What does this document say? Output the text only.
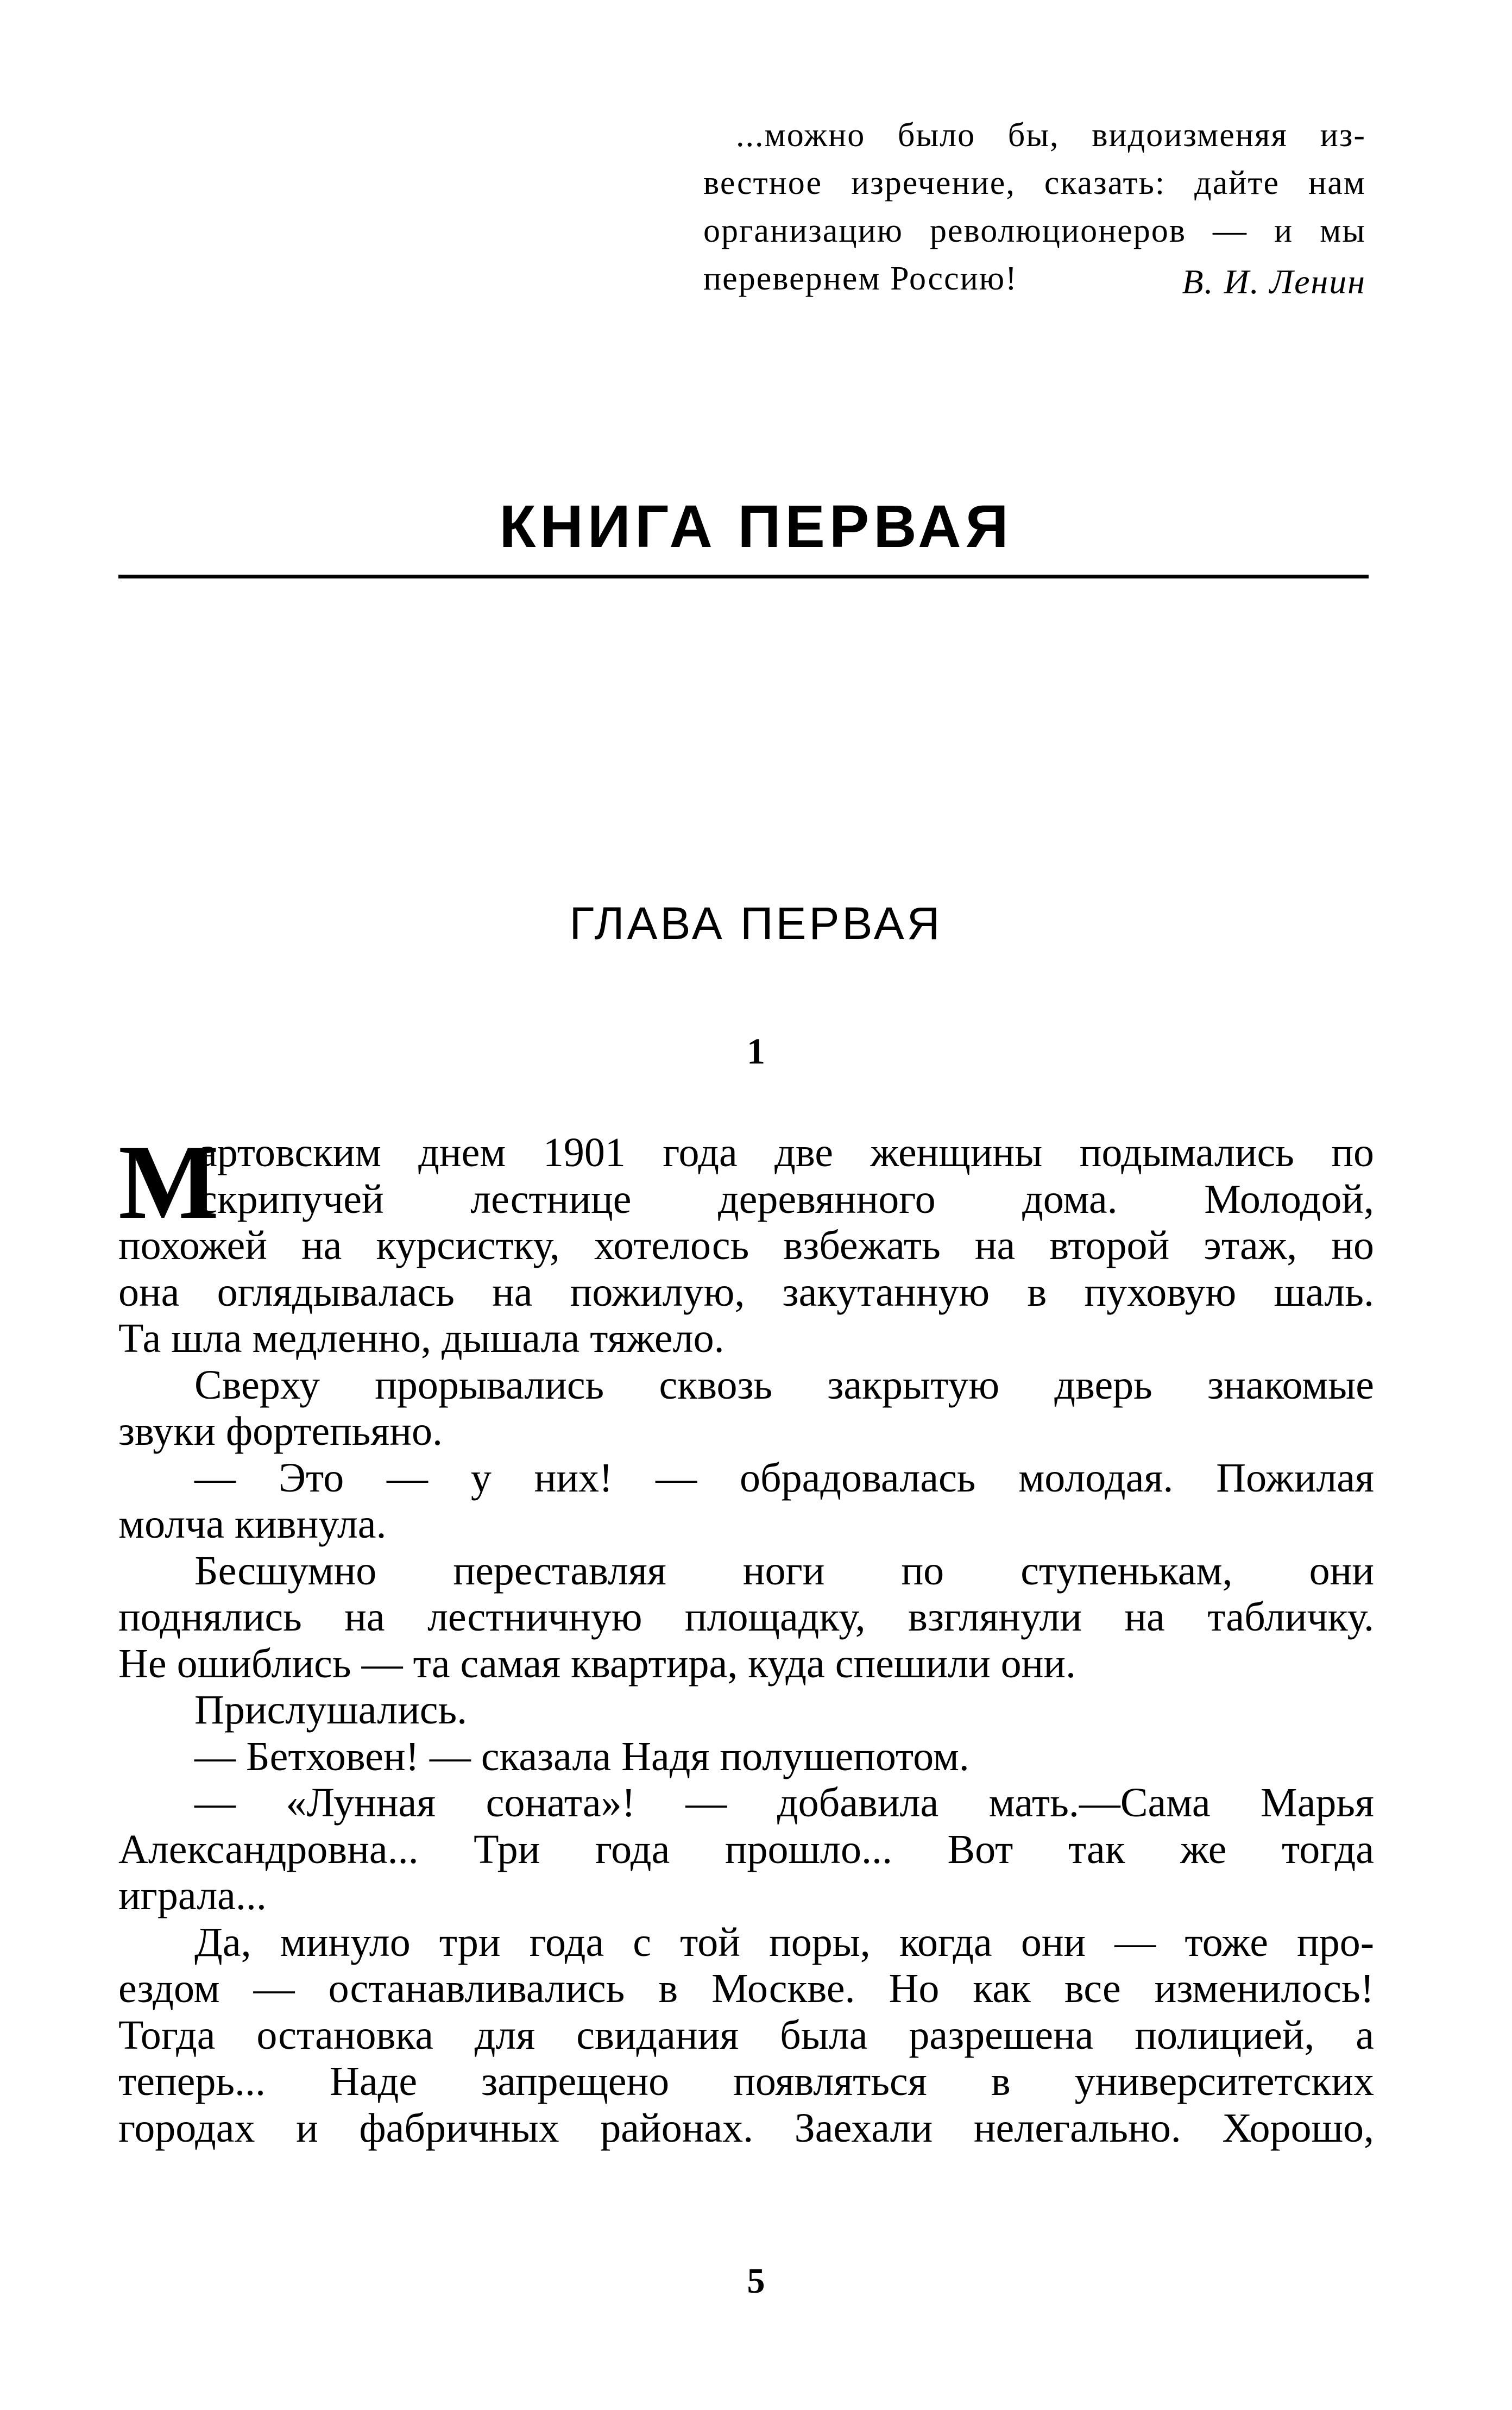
...можно было бы, видоизменяя из-
вестное изречение, сказать: дайте нам
организацию революционеров — и мы
перевернем Россию!	В. И. Ленин
КНИГА ПЕРВАЯ
ГЛАВА ПЕРВАЯ
1
М
артовским днем 1901 года две женщины подымались по
скрипучей лестнице деревянного дома. Молодой,
похожей на курсистку, хотелось взбежать на второй этаж, но
она оглядывалась на пожилую, закутанную в пуховую шаль.
Та шла медленно, дышала тяжело.
Сверху прорывались сквозь закрытую дверь знакомые
звуки фортепьяно.
— Это — у них! — обрадовалась молодая. Пожилая
молча кивнула.
Бесшумно переставляя ноги по ступенькам, они
поднялись на лестничную площадку, взглянули на табличку.
Не ошиблись — та самая квартира, куда спешили они.
Прислушались.
— Бетховен! — сказала Надя полушепотом.
— «Лунная соната»! — добавила мать.—Сама Марья
Александровна... Три года прошло... Вот так же тогда
играла...
Да, минуло три года с той поры, когда они — тоже про-
ездом — останавливались в Москве. Но как все изменилось!
Тогда остановка для свидания была разрешена полицией, а
теперь... Наде запрещено появляться в университетских
городах и фабричных районах. Заехали нелегально. Хорошо,
5
